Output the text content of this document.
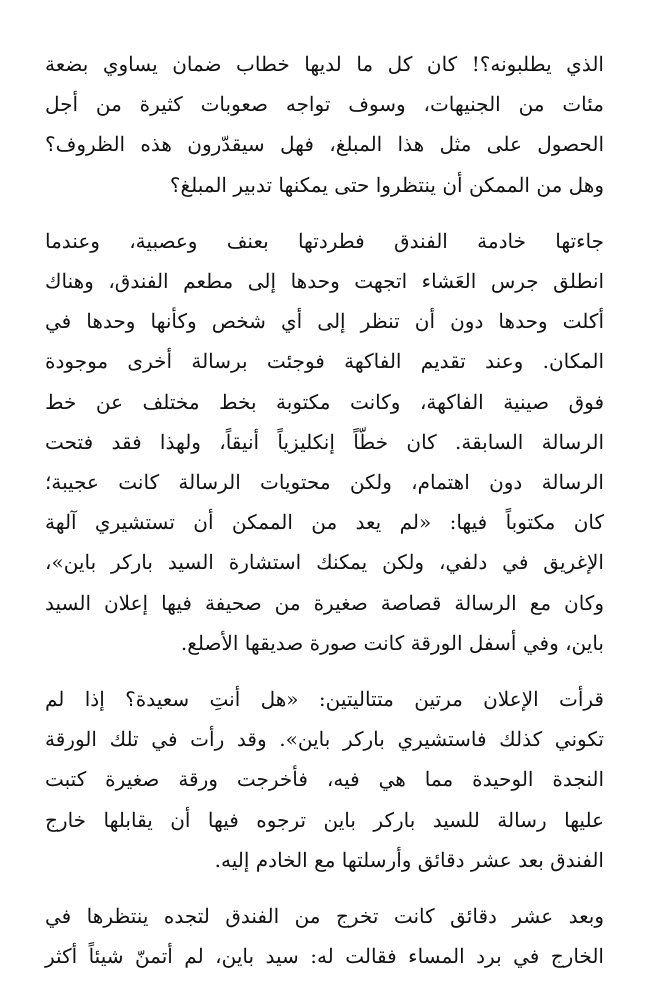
الذي يطلبونه؟! كان كل ما لديها خطاب ضمان يساوي بضعة
مئات من الجنيهات، وسوف تواجه صعوبات كثيرة من أجل
الحصول على مثل هذا المبلغ، فهل سيقدّرون هذه الظروف؟
وهل من الممكن أن ينتظروا حتى يمكنها تدبير المبلغ؟

جاءتها خادمة الفندق فطردتها بعنف وعصبية، وعندما
انطلق جرس العَشاء اتجهت وحدها إلى مطعم الفندق، وهناك
أكلت وحدها دون أن تنظر إلى أي شخص وكأنها وحدها في
المكان. وعند تقديم الفاكهة فوجئت برسالة أخرى موجودة
فوق صينية الفاكهة، وكانت مكتوبة بخط مختلف عن خط
الرسالة السابقة. كان خطّاً إنكليزياً أنيقاً، ولهذا فقد فتحت
الرسالة دون اهتمام، ولكن محتويات الرسالة كانت عجيبة؛
كان مكتوباً فيها: «لم يعد من الممكن أن تستشيري آلهة
الإغريق في دلفي، ولكن يمكنك استشارة السيد باركر باين»،
وكان مع الرسالة قصاصة صغيرة من صحيفة فيها إعلان السيد
باين، وفي أسفل الورقة كانت صورة صديقها الأصلع.

قرأت الإعلان مرتين متتاليتين: «هل أنتِ سعيدة؟ إذا لم
تكوني كذلك فاستشيري باركر باين». وقد رأت في تلك الورقة
النجدة الوحيدة مما هي فيه، فأخرجت ورقة صغيرة كتبت
عليها رسالة للسيد باركر باين ترجوه فيها أن يقابلها خارج
الفندق بعد عشر دقائق وأرسلتها مع الخادم إليه.

وبعد عشر دقائق كانت تخرج من الفندق لتجده ينتظرها في
الخارج في برد المساء فقالت له: سيد باين، لم أتمنّ شيئاً أكثر
